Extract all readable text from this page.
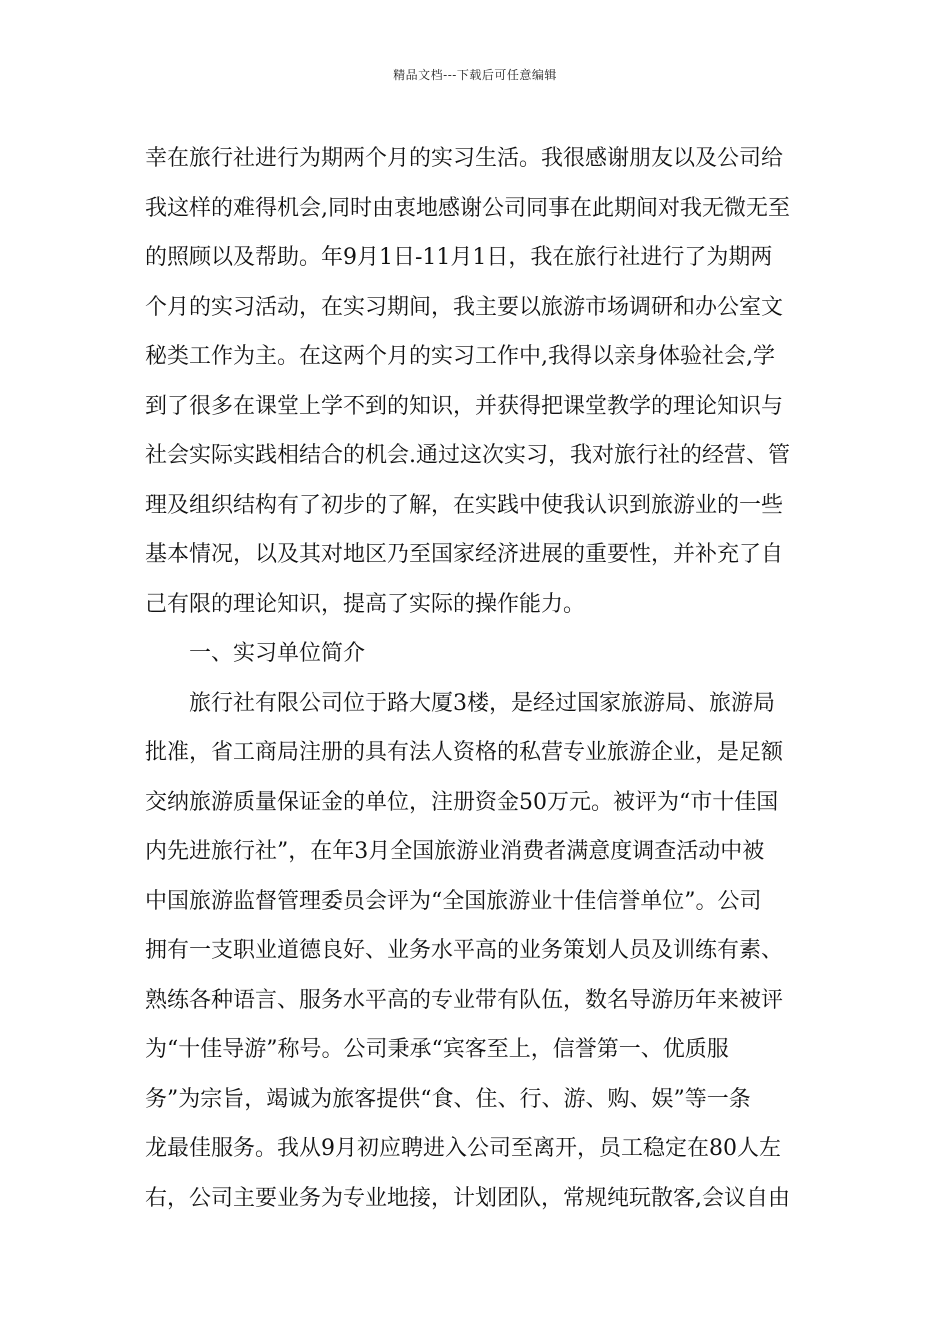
精品文档---下载后可任意编辑
幸在旅行社进行为期两个月的实习生活。我很感谢朋友以及公司给
我这样的难得机会,同时由衷地感谢公司同事在此期间对我无微无至
的照顾以及帮助。年9月1日-11月1日，我在旅行社进行了为期两
个月的实习活动，在实习期间，我主要以旅游市场调研和办公室文
秘类工作为主。在这两个月的实习工作中,我得以亲身体验社会,学
到了很多在课堂上学不到的知识，并获得把课堂教学的理论知识与
社会实际实践相结合的机会.通过这次实习，我对旅行社的经营、管
理及组织结构有了初步的了解，在实践中使我认识到旅游业的一些
基本情况，以及其对地区乃至国家经济进展的重要性，并补充了自
己有限的理论知识，提高了实际的操作能力。
一、实习单位简介
旅行社有限公司位于路大厦3楼，是经过国家旅游局、旅游局
批准，省工商局注册的具有法人资格的私营专业旅游企业，是足额
交纳旅游质量保证金的单位，注册资金50万元。被评为“市十佳国
内先进旅行社”，在年3月全国旅游业消费者满意度调查活动中被
中国旅游监督管理委员会评为“全国旅游业十佳信誉单位”。公司
拥有一支职业道德良好、业务水平高的业务策划人员及训练有素、
熟练各种语言、服务水平高的专业带有队伍，数名导游历年来被评
为“十佳导游”称号。公司秉承“宾客至上，信誉第一、优质服
务”为宗旨，竭诚为旅客提供“食、住、行、游、购、娱”等一条
龙最佳服务。我从9月初应聘进入公司至离开，员工稳定在80人左
右，公司主要业务为专业地接，计划团队，常规纯玩散客,会议自由
